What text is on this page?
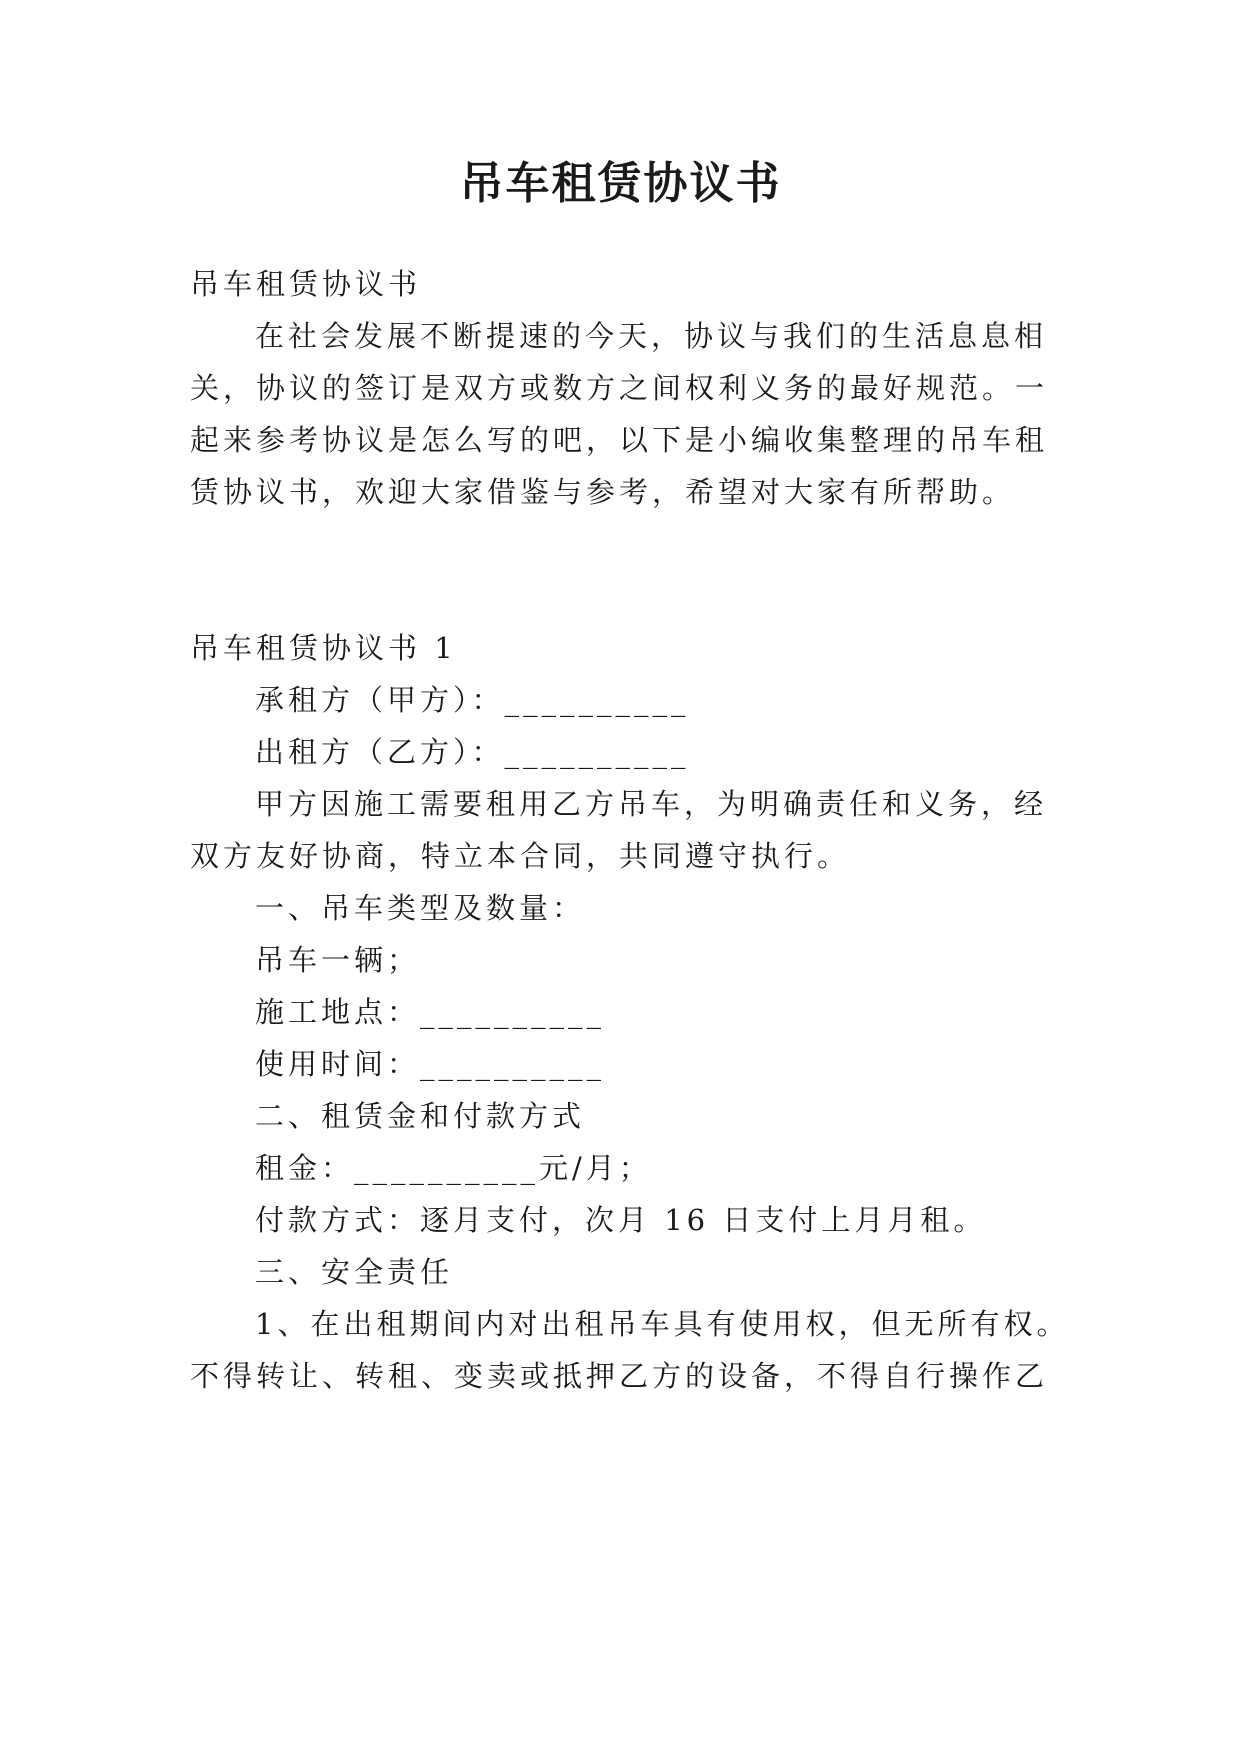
吊车租赁协议书
吊车租赁协议书
在社会发展不断提速的今天，协议与我们的生活息息相
关，协议的签订是双方或数方之间权利义务的最好规范。一
起来参考协议是怎么写的吧，以下是小编收集整理的吊车租
赁协议书，欢迎大家借鉴与参考，希望对大家有所帮助。
吊车租赁协议书 1
承租方（甲方）：__________
出租方（乙方）：__________
甲方因施工需要租用乙方吊车，为明确责任和义务，经
双方友好协商，特立本合同，共同遵守执行。
一、吊车类型及数量：
吊车一辆；
施工地点：__________
使用时间：__________
二、租赁金和付款方式
租金：__________元/月；
付款方式：逐月支付，次月 16 日支付上月月租。
三、安全责任
1、在出租期间内对出租吊车具有使用权，但无所有权。
不得转让、转租、变卖或抵押乙方的设备，不得自行操作乙
